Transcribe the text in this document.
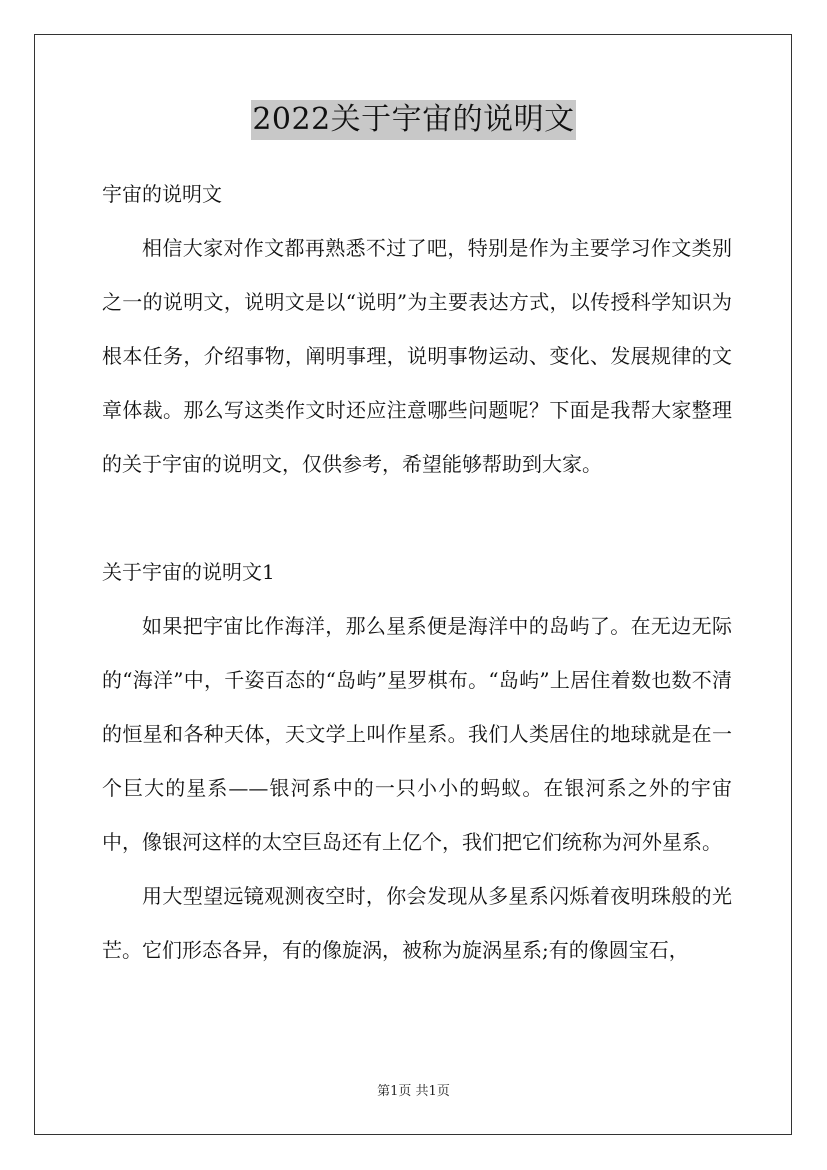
2022关于宇宙的说明文

宇宙的说明文

相信大家对作文都再熟悉不过了吧，特别是作为主要学习作文类别之一的说明文，说明文是以“说明”为主要表达方式，以传授科学知识为根本任务，介绍事物，阐明事理，说明事物运动、变化、发展规律的文章体裁。那么写这类作文时还应注意哪些问题呢？下面是我帮大家整理的关于宇宙的说明文，仅供参考，希望能够帮助到大家。

关于宇宙的说明文1

如果把宇宙比作海洋，那么星系便是海洋中的岛屿了。在无边无际的“海洋”中，千姿百态的“岛屿”星罗棋布。“岛屿”上居住着数也数不清的恒星和各种天体，天文学上叫作星系。我们人类居住的地球就是在一个巨大的星系——银河系中的一只小小的蚂蚁。在银河系之外的宇宙中，像银河这样的太空巨岛还有上亿个，我们把它们统称为河外星系。

用大型望远镜观测夜空时，你会发现从多星系闪烁着夜明珠般的光芒。它们形态各异，有的像旋涡，被称为旋涡星系;有的像圆宝石，

第1页 共1页
